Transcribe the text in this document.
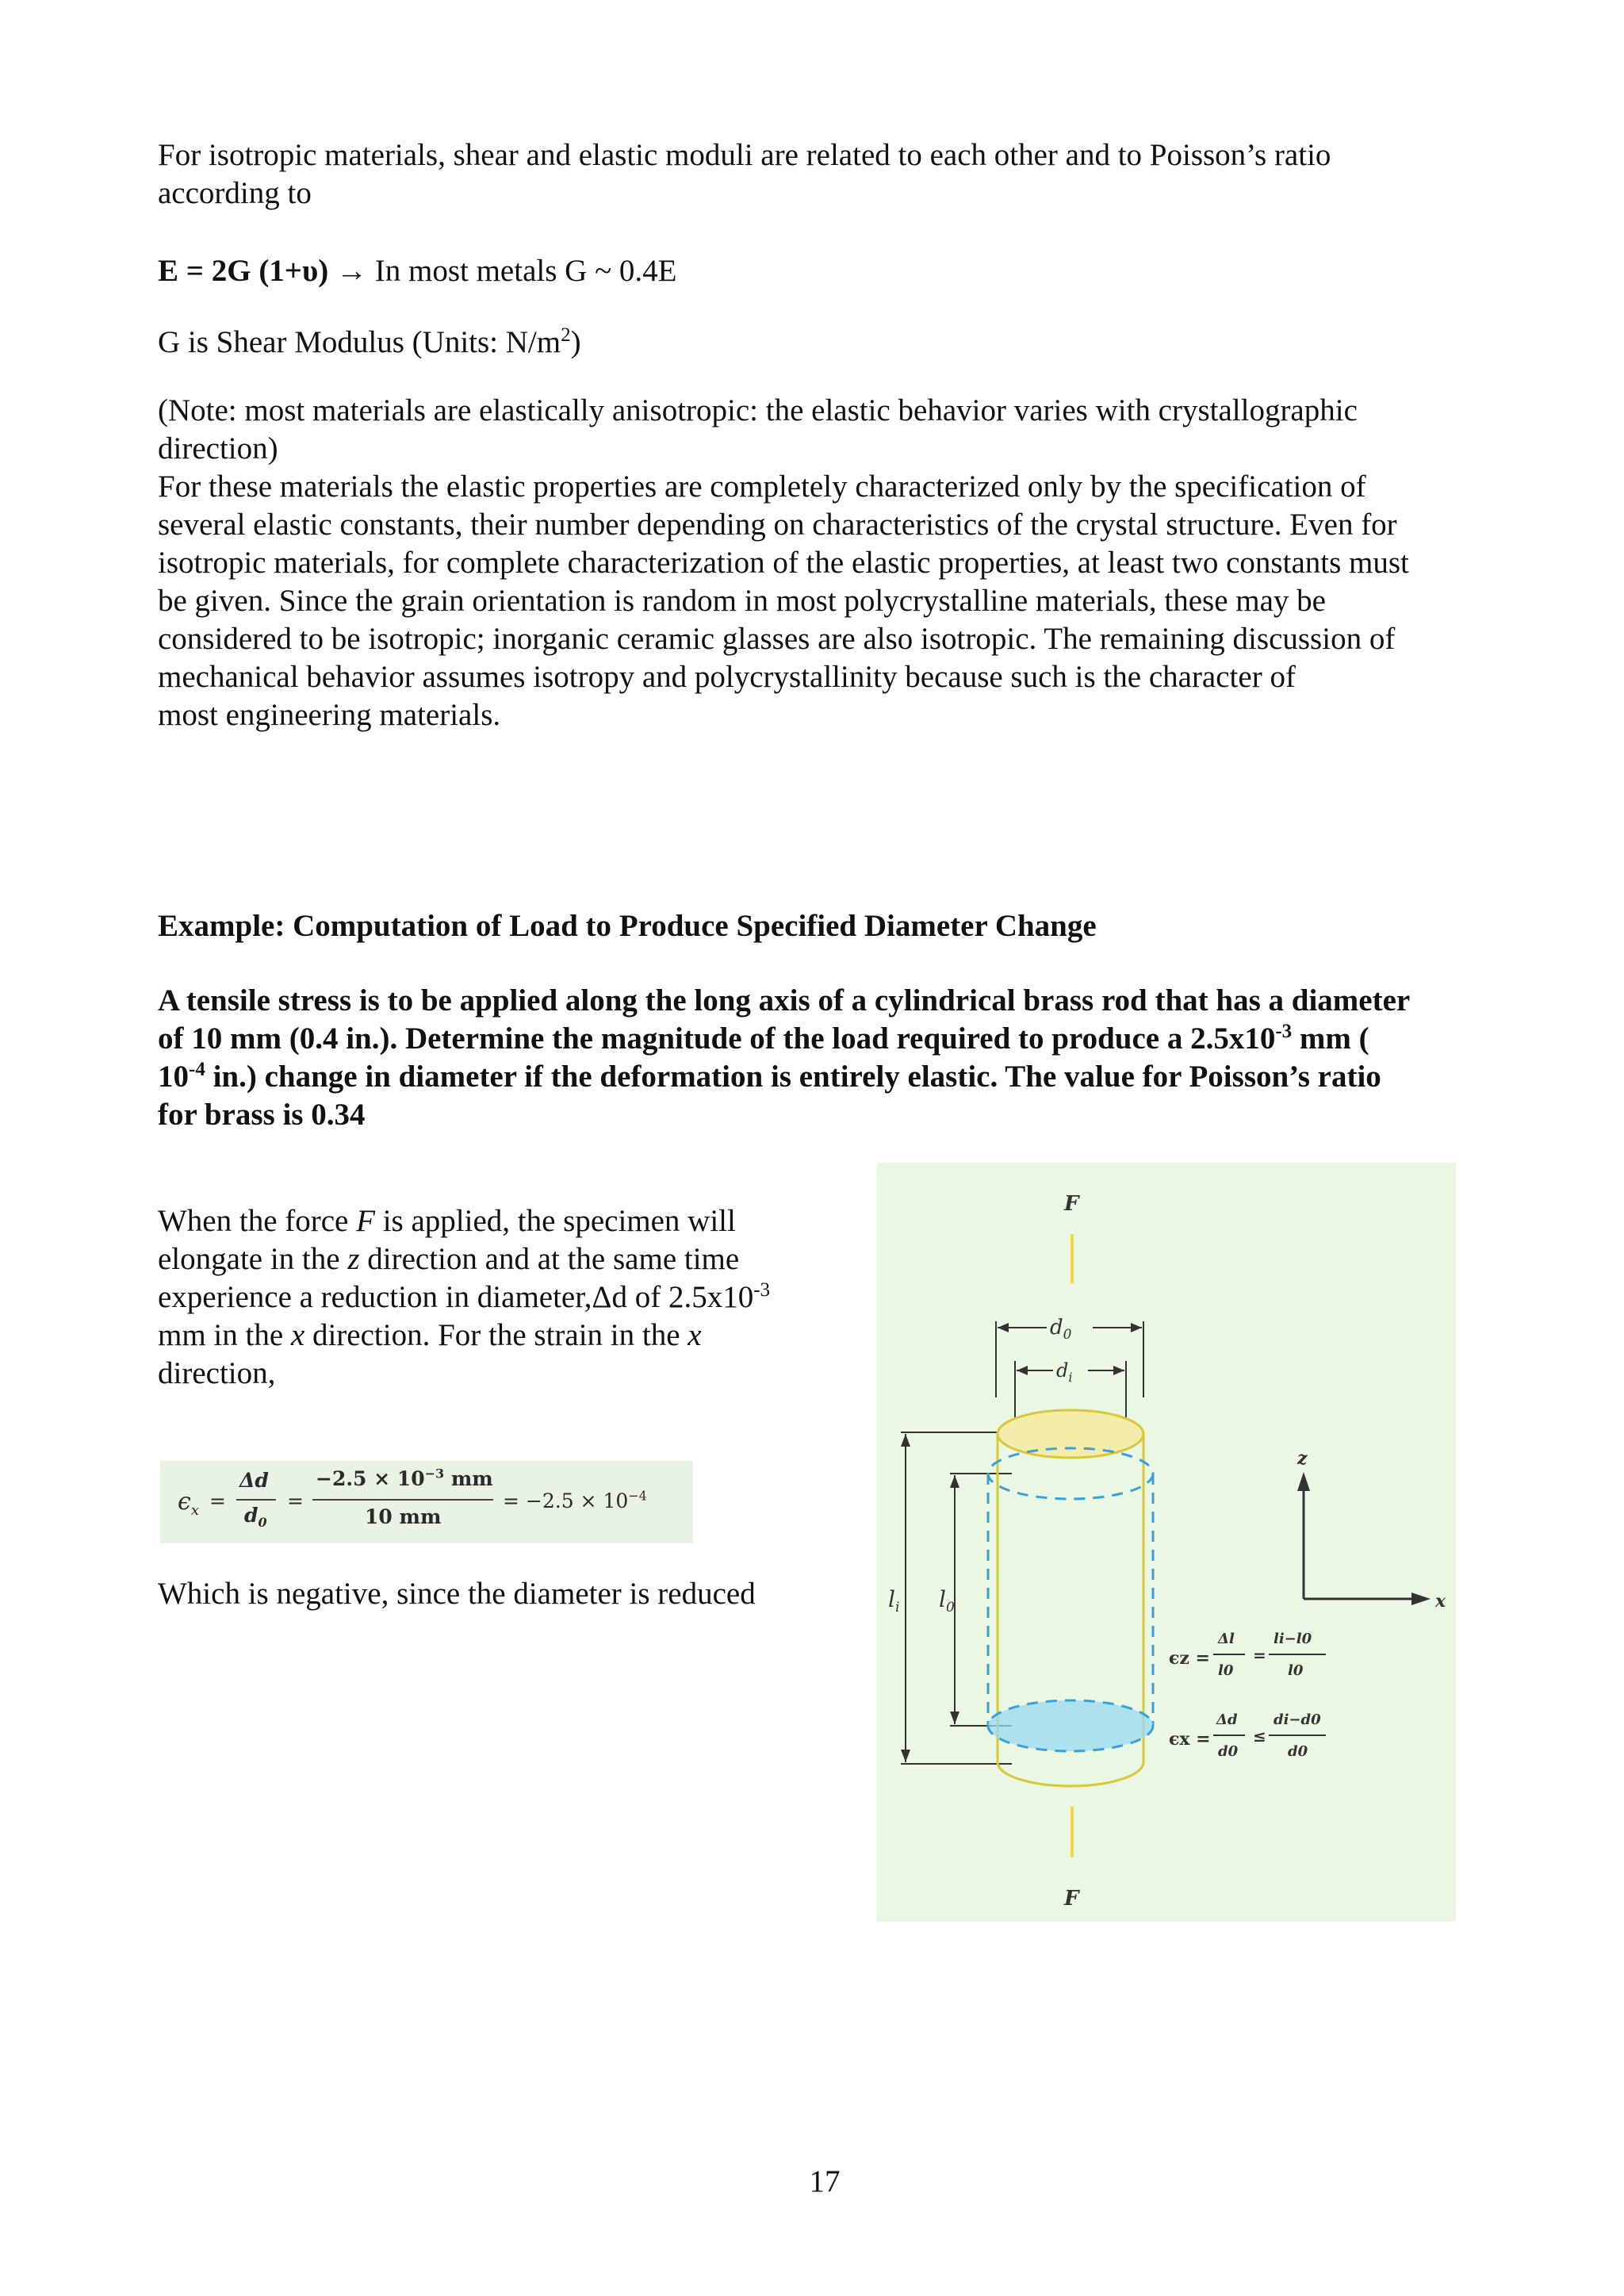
For isotropic materials, shear and elastic moduli are related to each other and to Poisson’s ratio
according to

E = 2G (1+υ) → In most metals G ~ 0.4E

G is Shear Modulus (Units: $N/m^2$)

(Note: most materials are elastically anisotropic: the elastic behavior varies with crystallographic
direction)
For these materials the elastic properties are completely characterized only by the specification of
several elastic constants, their number depending on characteristics of the crystal structure. Even for
isotropic materials, for complete characterization of the elastic properties, at least two constants must
be given. Since the grain orientation is random in most polycrystalline materials, these may be
considered to be isotropic; inorganic ceramic glasses are also isotropic. The remaining discussion of
mechanical behavior assumes isotropy and polycrystallinity because such is the character of
most engineering materials.

Example: Computation of Load to Produce Specified Diameter Change

A tensile stress is to be applied along the long axis of a cylindrical brass rod that has a diameter
of 10 mm (0.4 in.). Determine the magnitude of the load required to produce a $2.5x10^{-3}$ mm (
$10^{-4}$ in.) change in diameter if the deformation is entirely elastic. The value for Poisson’s ratio
for brass is 0.34

When the force F is applied, the specimen will
elongate in the z direction and at the same time
experience a reduction in diameter,Δd of $2.5x10^{-3}$
mm in the x direction. For the strain in the x
direction,

$\epsilon_x$ =
Δd
$d_0$
=
$-2.5 \times 10^{-3}$ mm
10 mm
= $-2.5 \times 10^{-4}$

Which is negative, since the diameter is reduced

F
F
$d_0$
$d_i$
$l_i$ $l_0$
z
x
ϵz =
Δl
l0
=
li−l0
l0
ϵx =
Δd
d0
≤
di−d0
d0
17
